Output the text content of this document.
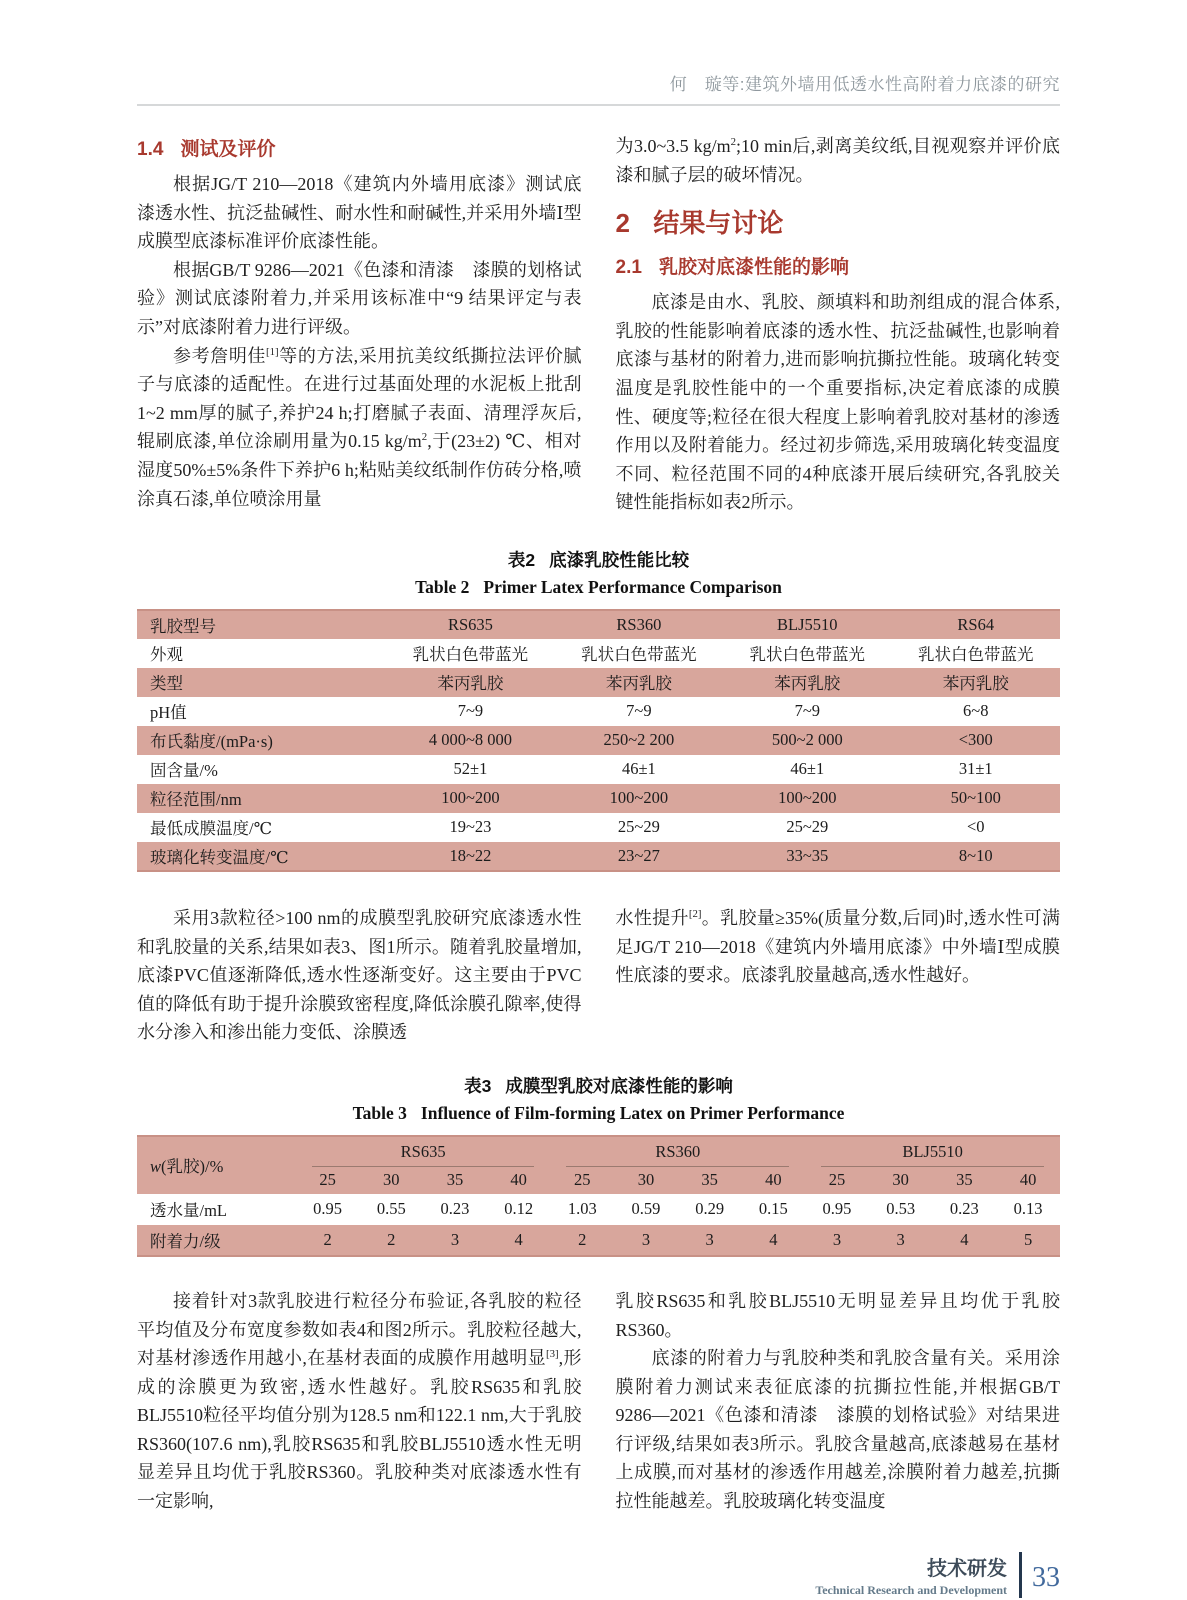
何　璇等:建筑外墙用低透水性高附着力底漆的研究
1.4 测试及评价

根据JG/T 210—2018《建筑内外墙用底漆》测试底漆透水性、抗泛盐碱性、耐水性和耐碱性,并采用外墙Ⅰ型成膜型底漆标准评价底漆性能。

根据GB/T 9286—2021《色漆和清漆　漆膜的划格试验》测试底漆附着力,并采用该标准中“9 结果评定与表示”对底漆附着力进行评级。

参考詹明佳[1]等的方法,采用抗美纹纸撕拉法评价腻子与底漆的适配性。在进行过基面处理的水泥板上批刮1~2 mm厚的腻子,养护24 h;打磨腻子表面、清理浮灰后,辊刷底漆,单位涂刷用量为0.15 $kg/m^2$,于(23±2) ℃、相对湿度50%±5%条件下养护6 h;粘贴美纹纸制作仿砖分格,喷涂真石漆,单位喷涂用量

为3.0~3.5 $kg/m^2;10$ min后,剥离美纹纸,目视观察并评价底漆和腻子层的破坏情况。

2 结果与讨论
2.1 乳胶对底漆性能的影响

底漆是由水、乳胶、颜填料和助剂组成的混合体系,乳胶的性能影响着底漆的透水性、抗泛盐碱性,也影响着底漆与基材的附着力,进而影响抗撕拉性能。玻璃化转变温度是乳胶性能中的一个重要指标,决定着底漆的成膜性、硬度等;粒径在很大程度上影响着乳胶对基材的渗透作用以及附着能力。经过初步筛选,采用玻璃化转变温度不同、粒径范围不同的4种底漆开展后续研究,各乳胶关键性能指标如表2所示。

表2 底漆乳胶性能比较
Table 2 Primer Latex Performance Comparison
乳胶型号	RS635	RS360	BLJ5510	RS64
外观	乳状白色带蓝光	乳状白色带蓝光	乳状白色带蓝光	乳状白色带蓝光
类型	苯丙乳胶	苯丙乳胶	苯丙乳胶	苯丙乳胶
pH值	7~9	7~9	7~9	6~8
布氏黏度/(mPa·s)	4 000~8 000	250~2 200	500~2 000	<300
固含量/%	52±1	46±1	46±1	31±1
粒径范围/nm	100~200	100~200	100~200	50~100
最低成膜温度/℃	19~23	25~29	25~29	<0
玻璃化转变温度/℃	18~22	23~27	33~35	8~10

采用3款粒径>100 nm的成膜型乳胶研究底漆透水性和乳胶量的关系,结果如表3、图1所示。随着乳胶量增加,底漆PVC值逐渐降低,透水性逐渐变好。这主要由于PVC值的降低有助于提升涂膜致密程度,降低涂膜孔隙率,使得水分渗入和渗出能力变低、涂膜透

水性提升[2]。乳胶量≥35%(质量分数,后同)时,透水性可满足JG/T 210—2018《建筑内外墙用底漆》中外墙Ⅰ型成膜性底漆的要求。底漆乳胶量越高,透水性越好。

表3 成膜型乳胶对底漆性能的影响
Table 3 Influence of Film-forming Latex on Primer Performance
w(乳胶)/%	RS635				RS360				BLJ5510			

	25	30	35	40	25	30	35	40	25	30	35	40
透水量/mL	0.95	0.55	0.23	0.12	1.03	0.59	0.29	0.15	0.95	0.53	0.23	0.13
附着力/级	2	2	3	4	2	3	3	4	3	3	4	5

接着针对3款乳胶进行粒径分布验证,各乳胶的粒径平均值及分布宽度参数如表4和图2所示。乳胶粒径越大,对基材渗透作用越小,在基材表面的成膜作用越明显[3],形成的涂膜更为致密,透水性越好。乳胶RS635和乳胶BLJ5510粒径平均值分别为128.5 nm和122.1 nm,大于乳胶RS360(107.6 nm),乳胶RS635和乳胶BLJ5510透水性无明显差异且均优于乳胶RS360。乳胶种类对底漆透水性有一定影响,

乳胶RS635和乳胶BLJ5510无明显差异且均优于乳胶RS360。

底漆的附着力与乳胶种类和乳胶含量有关。采用涂膜附着力测试来表征底漆的抗撕拉性能,并根据GB/T 9286—2021《色漆和清漆　漆膜的划格试验》对结果进行评级,结果如表3所示。乳胶含量越高,底漆越易在基材上成膜,而对基材的渗透作用越差,涂膜附着力越差,抗撕拉性能越差。乳胶玻璃化转变温度

技术研发
Technical Research and Development 33
